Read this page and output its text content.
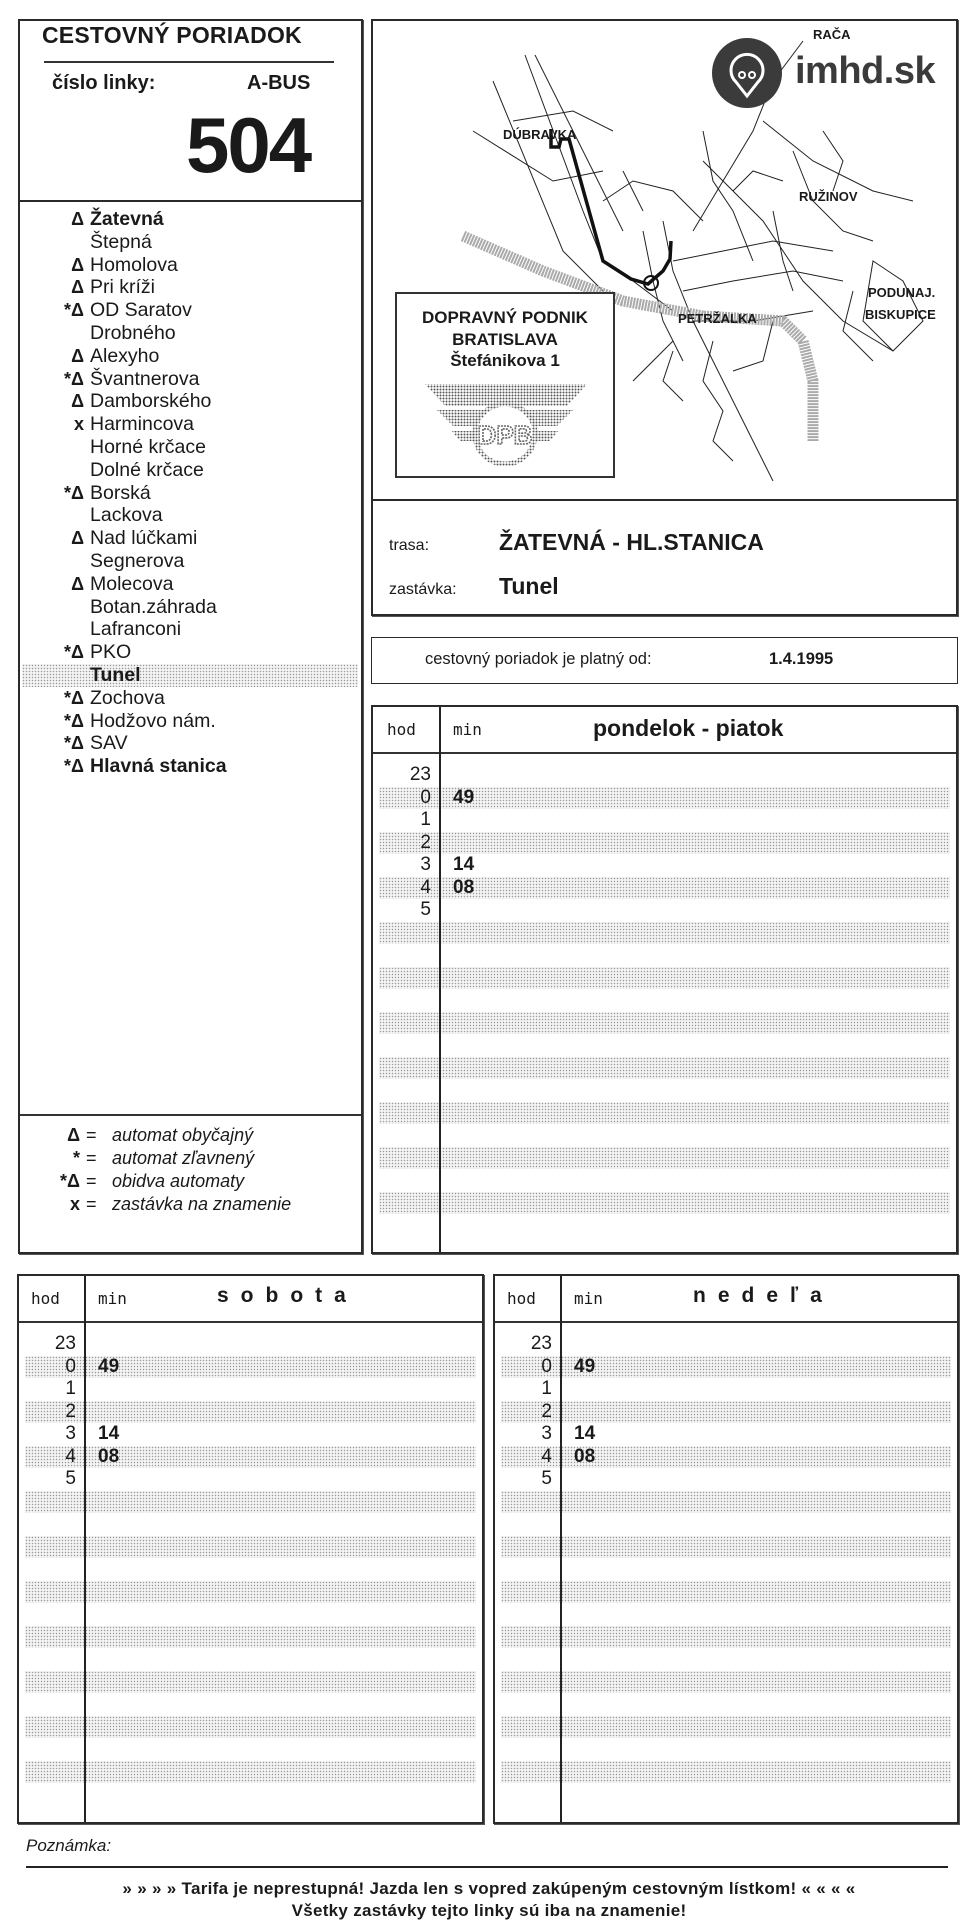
CESTOVNÝ PORIADOK
číslo linky:	A-BUS
504
Δ Žatevná
Štepná
Δ Homolova
Δ Pri kríži
*Δ OD Saratov
Drobného
Δ Alexyho
*Δ Švantnerova
Δ Damborského
x Harmincova
Horné krčace
Dolné krčace
*Δ Borská
Lackova
Δ Nad lúčkami
Segnerova
Δ Molecova
Botan.záhrada
Lafranconi
*Δ PKO
Tunel
*Δ Zochova
*Δ Hodžovo nám.
*Δ SAV
*Δ Hlavná stanica
Δ = automat obyčajný
* = automat zľavnený
*Δ = obidva automaty
x = zastávka na znamenie
RAČA
DÚBRAVKA
RUŽINOV
PETRŽALKA
PODUNAJ.
BISKUPICE
DOPRAVNÝ PODNIK
BRATISLAVA
Štefánikova 1
DPB
imhd.sk
trasa:	ŽATEVNÁ - HL.STANICA
zastávka: Tunel
cestovný poriadok je platný od:	1.4.1995
hod min	pondelok - piatok
23
0 49
1
2
3 14
4 08
5
hod min	sobota
23
0 49
1
2
3 14
4 08
5
hod min	nedeľa
23
0 49
1
2
3 14
4 08
5
Poznámka:
» » » » Tarifa je neprestupná! Jazda len s vopred zakúpeným cestovným lístkom! « « « «
Všetky zastávky tejto linky sú iba na znamenie!
